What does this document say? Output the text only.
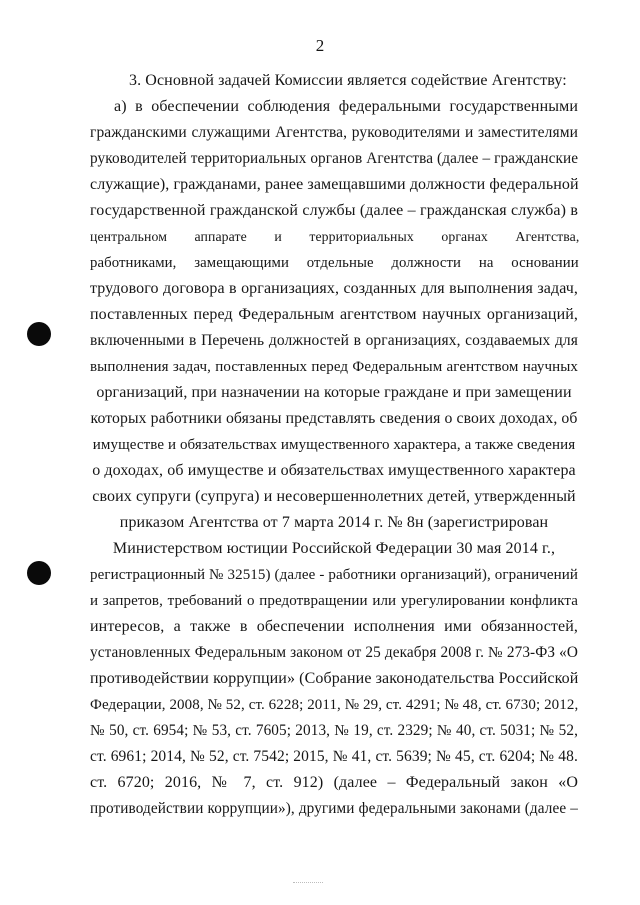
2
3. Основной задачей Комиссии является содействие Агентству:
а) в обеспечении соблюдения федеральными государственными
гражданскими служащими Агентства, руководителями и заместителями
руководителей территориальных органов Агентства (далее – гражданские
служащие), гражданами, ранее замещавшими должности федеральной
государственной гражданской службы (далее – гражданская служба) в
центральном аппарате и территориальных органах Агентства,
работниками, замещающими отдельные должности на основании
трудового договора в организациях, созданных для выполнения задач,
поставленных перед Федеральным агентством научных организаций,
включенными в Перечень должностей в организациях, создаваемых для
выполнения задач, поставленных перед Федеральным агентством научных
организаций, при назначении на которые граждане и при замещении
которых работники обязаны представлять сведения о своих доходах, об
имуществе и обязательствах имущественного характера, а также сведения
о доходах, об имуществе и обязательствах имущественного характера
своих супруги (супруга) и несовершеннолетних детей, утвержденный
приказом Агентства от 7 марта 2014 г. № 8н (зарегистрирован
Министерством юстиции Российской Федерации 30 мая 2014 г.,
регистрационный № 32515) (далее - работники организаций), ограничений
и запретов, требований о предотвращении или урегулировании конфликта
интересов, а также в обеспечении исполнения ими обязанностей,
установленных Федеральным законом от 25 декабря 2008 г. № 273-ФЗ «О
противодействии коррупции» (Собрание законодательства Российской
Федерации, 2008, № 52, ст. 6228; 2011, № 29, ст. 4291; № 48, ст. 6730; 2012,
№ 50, ст. 6954; № 53, ст. 7605; 2013, № 19, ст. 2329; № 40, ст. 5031; № 52,
ст. 6961; 2014, № 52, ст. 7542; 2015, № 41, ст. 5639; № 45, ст. 6204; № 48.
ст. 6720; 2016, № 7, ст. 912) (далее – Федеральный закон «О
противодействии коррупции»), другими федеральными законами (далее –
